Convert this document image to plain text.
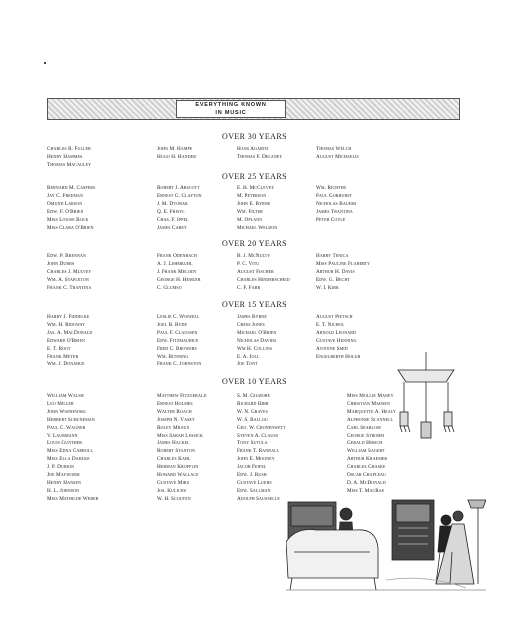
EVERYTHING KNOWN
IN MUSIC
OVER 30 YEARS
Charles R. Fuller
Henry Hammes
Thomas Macauley
John M. Hampe
Hugo H. Hander
Hans Agarth
Thomas F. Delaney
Thomas Welch
August Michaelis
OVER 25 YEARS
Bernard M. Caspers
Jay C. Freeman
Omund Larson
Edw. F. O'Brien
Miss Louise Bock
Miss Clara O'Brien
Robert J. Abscott
Ernest G. Clayton
J. M. Dvorak
Q. E. Frisyl
Chas. F. Ippel
James Carey
E. H. McClevey
M. Peterson
John E. Byrne
Wm. Filter
M. Oplann
Michael Weldon
Wm. Richter
Paul Gorhurst
Nicholas Bauers
James Trantina
Peter Coyle
OVER 20 YEARS
Edw. P. Brennan
John Dubbs
Charles J. Mulvey
Wm. A. Stapleton
Frank C. Trantina
Frank Odenbach
A. J. Lehmkuhl
J. Frank Melody
George H. Hemler
C. Glumso
B. J. McNulty
P. C. Vitu
August Fischer
Charles Hinderscheid
C. F. Farr
Harry Tenica
Miss Pauline Flaherty
Arthur H. Davis
Edw. G. Becht
W. I. Kirk
OVER 15 YEARS
Harry J. Fiddelke
Wm. H. Ridgway
Jas. A. MacDonald
Edward O'Brien
E. T. Root
Frank Meter
Wm. J. Donahue
Leslie C. Wiswell
Joel B. Ryde
Paul F. Claussen
Edw. Fitzmaurice
Fred C. Browers
Wm. Bunning
Frank C. Johnston
James Byrne
Cress Jones
Michael O'Brien
Nicholas Davids
Wm H. Collins
E. A. Joll
Joe Tont
August Pietsch
E. T. Nichol
Arnold Leonard
Gustave Henning
Antoine Smid
Engelberth Holub
OVER 10 YEARS
William Walsh
Leo Miller
John Wisniewski
Herbert Schuneman
Paul C. Wagner
V. Laurmann
Louis Gunther
Miss Edna Carroll
Miss Ella Dahlke
J. P. Durkin
Joe Mayworm
Henry Hansen
H. L. Johnson
Miss Mathilde Weber
Matthew Fitzgerald
Ernest Holmes
Walter Roach
Joseph N. Vasey
Roley Mraux
Miss Sarah Lessick
James Hackel
Robert Stanton
Charles Kahl
Herman Kropflin
Howard Wallace
Gustave Mirz
Jos. Kulicek
W. H. Scouten
S. M. Gilmore
Richard Hirr
W. N. Graves
W. S. Ballou
Geo. W. Cronenwett
Steven A. Clauss
Tony Sutula
Frank T. Randall
John E. Mooney
Jacob Feifel
Edw. J. Rush
Gustave Luebs
Edw. Sallman
Adolph Sausselle
Miss Mollie Maney
Christian Madsen
Marquette A. Healy
Alphonse Scannell
Carl Seablom
George Strohm
Gerald Hirsch
William Sagert
Arthur Kraemer
Charles Chaske
Oscar Chapleau
D. A. McDonald
Miss T. MacRae
